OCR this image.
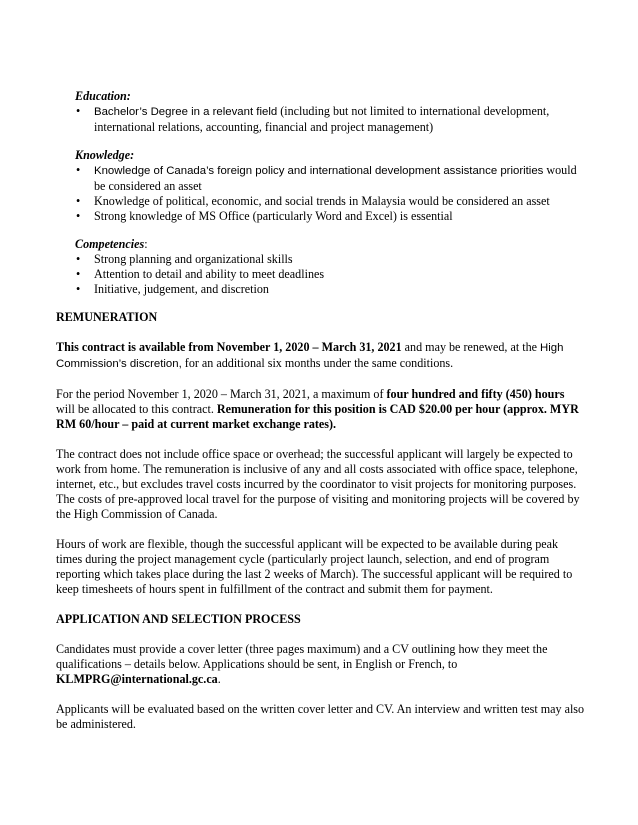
Education:

• Bachelor’s Degree in a relevant field (including but not limited to international development, international relations, accounting, financial and project management)

Knowledge:

• Knowledge of Canada’s foreign policy and international development assistance priorities would be considered an asset
• Knowledge of political, economic, and social trends in Malaysia would be considered an asset
• Strong knowledge of MS Office (particularly Word and Excel) is essential

Competencies:

• Strong planning and organizational skills
• Attention to detail and ability to meet deadlines
• Initiative, judgement, and discretion

REMUNERATION

This contract is available from November 1, 2020 – March 31, 2021 and may be renewed, at the High Commission’s discretion, for an additional six months under the same conditions.

For the period November 1, 2020 – March 31, 2021, a maximum of four hundred and fifty (450) hours will be allocated to this contract. Remuneration for this position is CAD $20.00 per hour (approx. MYR RM 60/hour – paid at current market exchange rates).

The contract does not include office space or overhead; the successful applicant will largely be expected to work from home. The remuneration is inclusive of any and all costs associated with office space, telephone, internet, etc., but excludes travel costs incurred by the coordinator to visit projects for monitoring purposes. The costs of pre-approved local travel for the purpose of visiting and monitoring projects will be covered by the High Commission of Canada.

Hours of work are flexible, though the successful applicant will be expected to be available during peak times during the project management cycle (particularly project launch, selection, and end of program reporting which takes place during the last 2 weeks of March). The successful applicant will be required to keep timesheets of hours spent in fulfillment of the contract and submit them for payment.

APPLICATION AND SELECTION PROCESS

Candidates must provide a cover letter (three pages maximum) and a CV outlining how they meet the qualifications – details below. Applications should be sent, in English or French, to KLMPRG@international.gc.ca.

Applicants will be evaluated based on the written cover letter and CV. An interview and written test may also be administered.
